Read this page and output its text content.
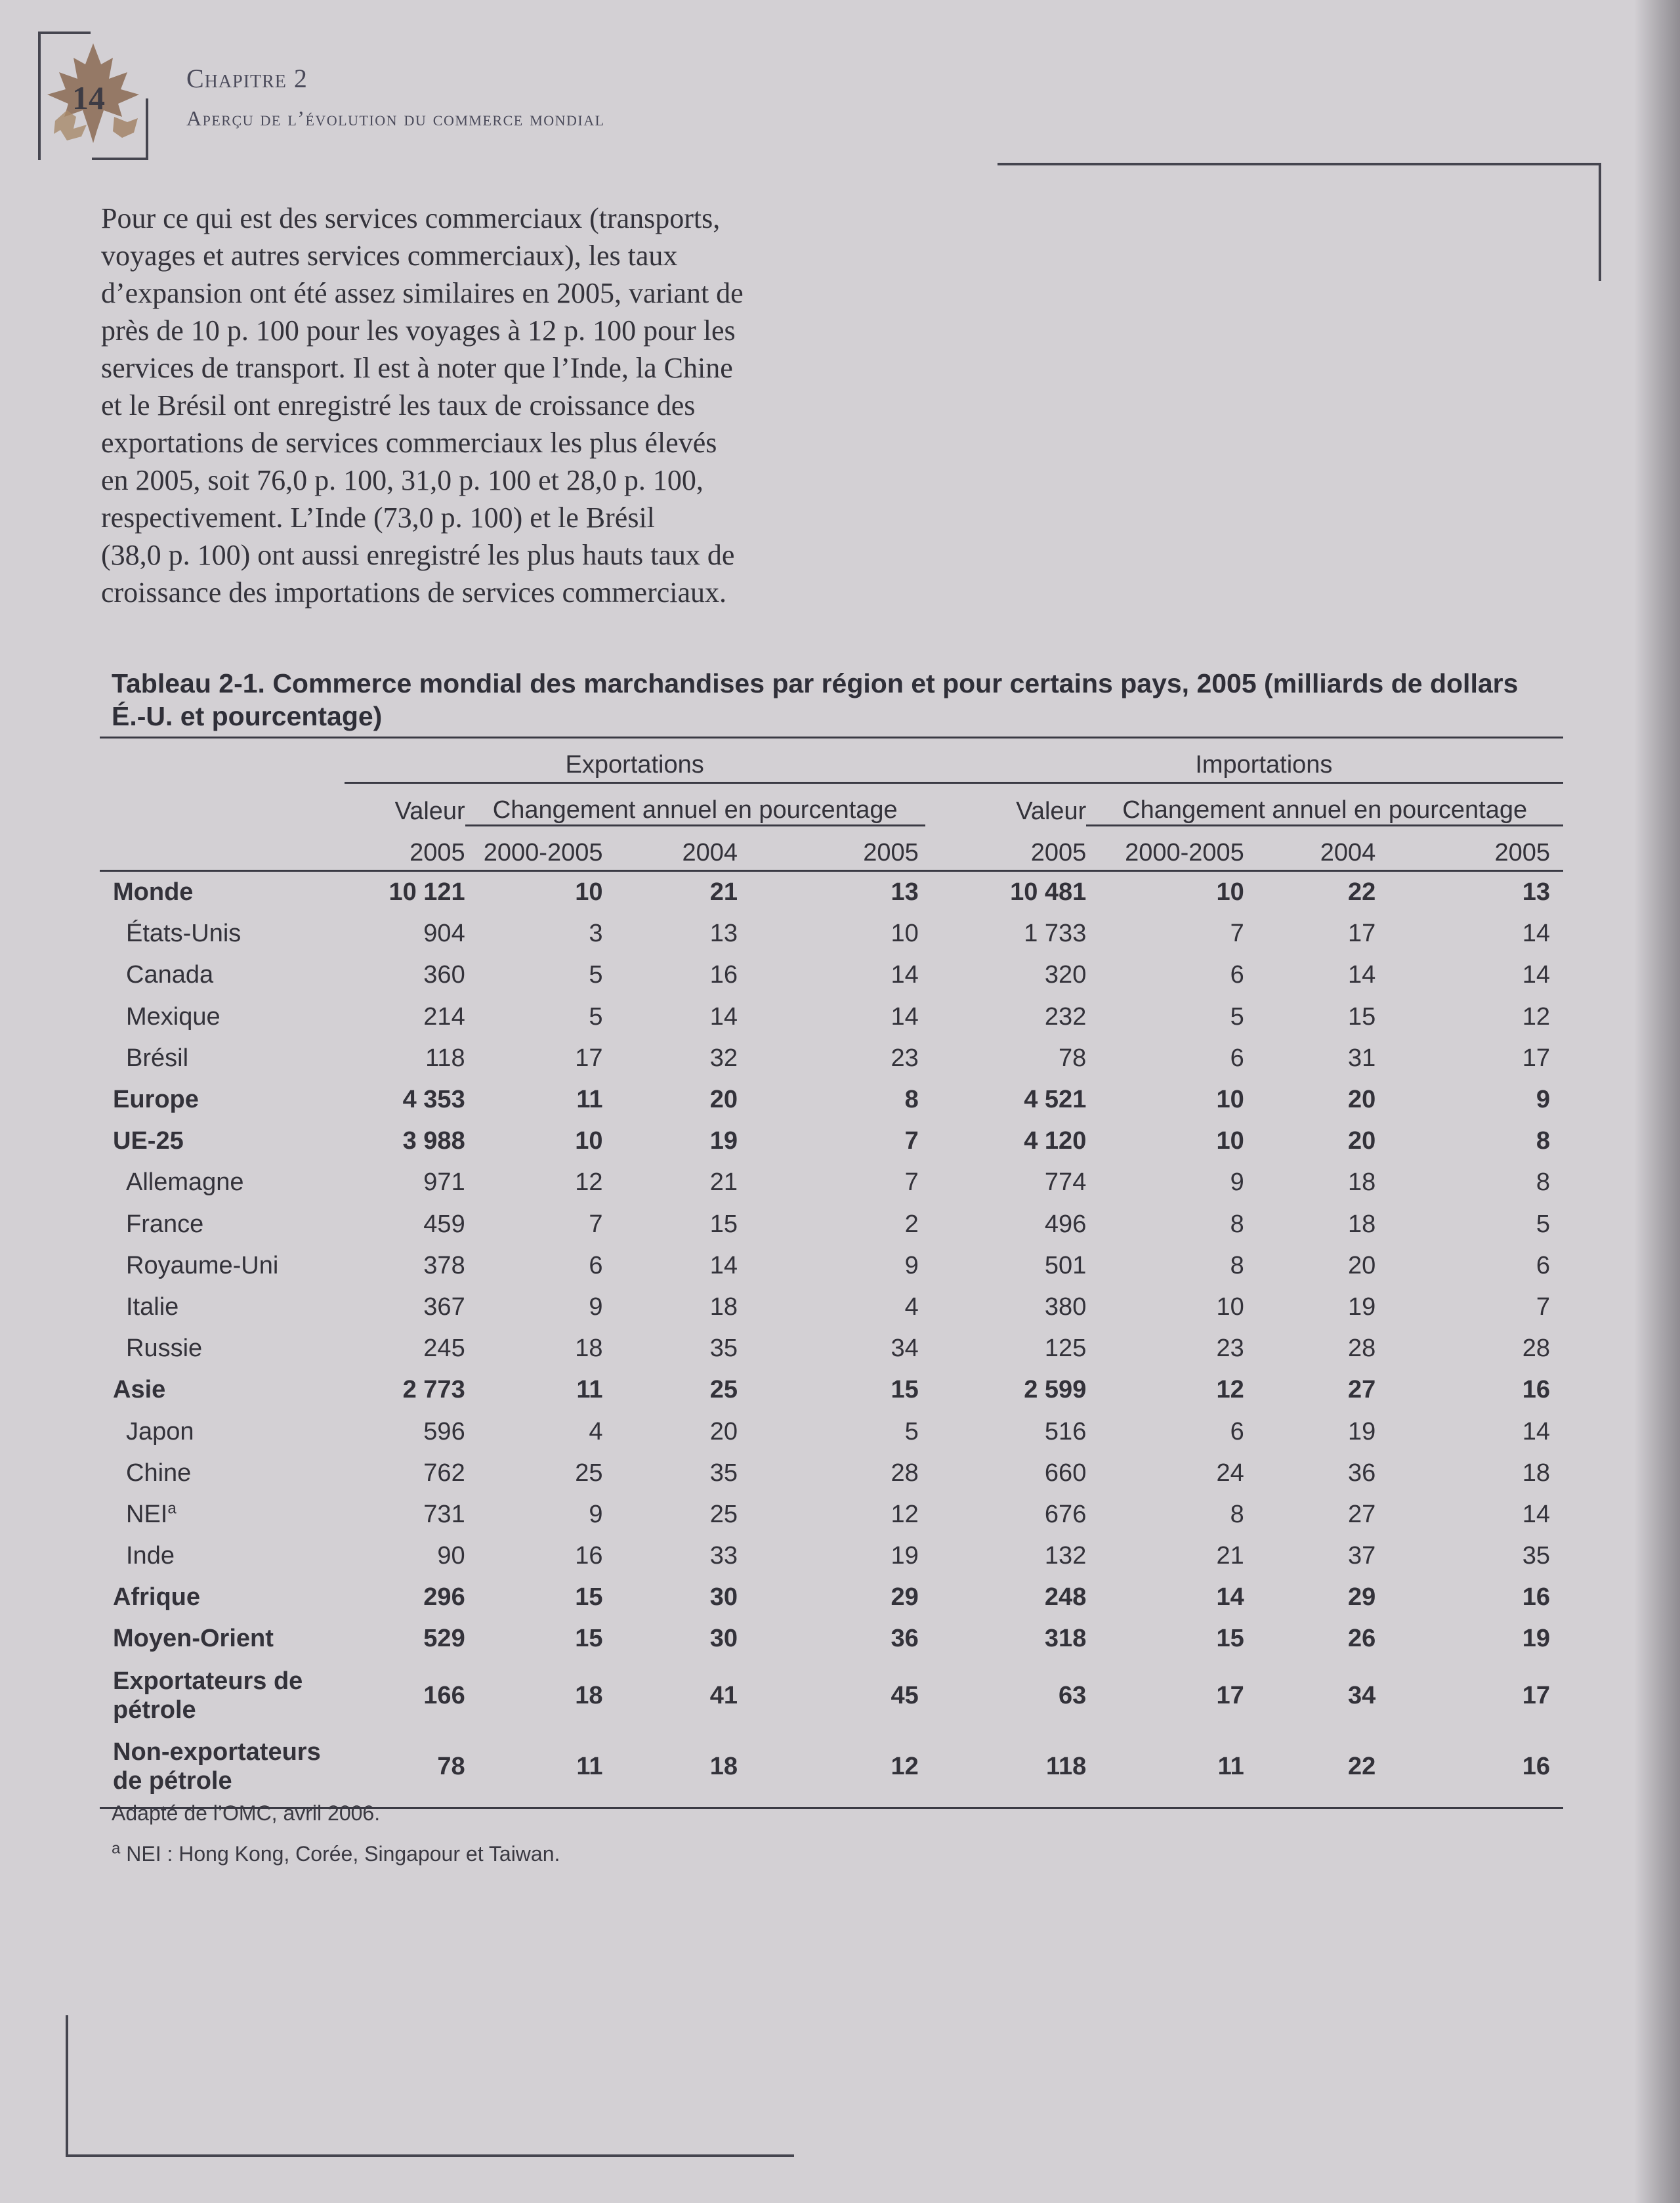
14
Chapitre 2
Aperçu de l’évolution du commerce mondial
Pour ce qui est des services commerciaux (transports,
voyages et autres services commerciaux), les taux
d’expansion ont été assez similaires en 2005, variant de
près de 10 p. 100 pour les voyages à 12 p. 100 pour les
services de transport. Il est à noter que l’Inde, la Chine
et le Brésil ont enregistré les taux de croissance des
exportations de services commerciaux les plus élevés
en 2005, soit 76,0 p. 100, 31,0 p. 100 et 28,0 p. 100,
respectivement. L’Inde (73,0 p. 100) et le Brésil
(38,0 p. 100) ont aussi enregistré les plus hauts taux de
croissance des importations de services commerciaux.
Tableau 2-1. Commerce mondial des marchandises par région et pour certains pays, 2005 (milliards de dollars É.-U. et pourcentage)
	Exportations				Importations			
	Valeur	Changement annuel en pourcentage			Valeur	Changement annuel en pourcentage		
	2005	2000-2005	2004	2005	2005	2000-2005	2004	2005
Monde	10 121	10	21	13	10 481	10	22	13
États-Unis	904	3	13	10	1 733	7	17	14
Canada	360	5	16	14	320	6	14	14
Mexique	214	5	14	14	232	5	15	12
Brésil	118	17	32	23	78	6	31	17
Europe	4 353	11	20	8	4 521	10	20	9
UE-25	3 988	10	19	7	4 120	10	20	8
Allemagne	971	12	21	7	774	9	18	8
France	459	7	15	2	496	8	18	5
Royaume-Uni	378	6	14	9	501	8	20	6
Italie	367	9	18	4	380	10	19	7
Russie	245	18	35	34	125	23	28	28
Asie	2 773	11	25	15	2 599	12	27	16
Japon	596	4	20	5	516	6	19	14
Chine	762	25	35	28	660	24	36	18
NEI$^a$	731	9	25	12	676	8	27	14
Inde	90	16	33	19	132	21	37	35
Afrique	296	15	30	29	248	14	29	16
Moyen-Orient	529	15	30	36	318	15	26	19
Exportateurs de pétrole	166	18	41	45	63	17	34	17
Non-exportateurs de pétrole	78	11	18	12	118	11	22	16
Adapté de l’OMC, avril 2006.
$^a$ NEI : Hong Kong, Corée, Singapour et Taiwan.
